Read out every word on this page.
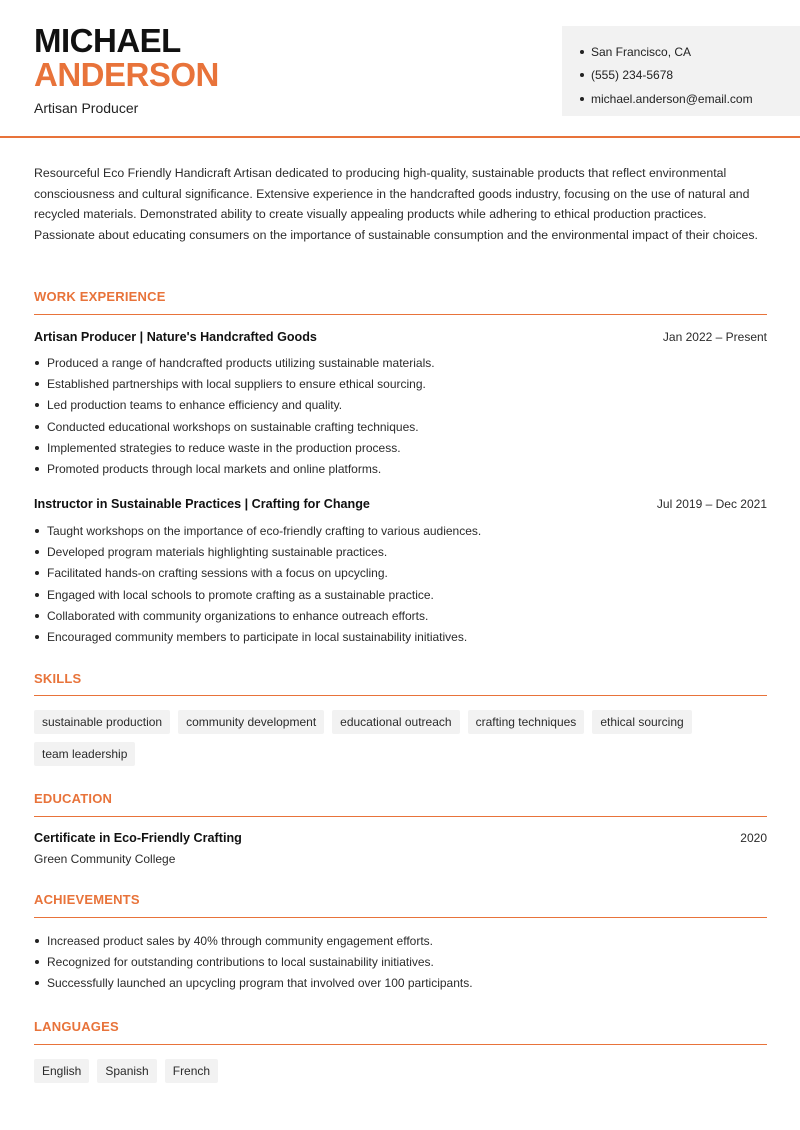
MICHAEL
ANDERSON
Artisan Producer
San Francisco, CA
(555) 234-5678
michael.anderson@email.com

Resourceful Eco Friendly Handicraft Artisan dedicated to producing high-quality, sustainable products that reflect environmental consciousness and cultural significance. Extensive experience in the handcrafted goods industry, focusing on the use of natural and recycled materials. Demonstrated ability to create visually appealing products while adhering to ethical production practices. Passionate about educating consumers on the importance of sustainable consumption and the environmental impact of their choices.

WORK EXPERIENCE
Artisan Producer | Nature's Handcrafted Goods	Jan 2022 – Present
Produced a range of handcrafted products utilizing sustainable materials.
Established partnerships with local suppliers to ensure ethical sourcing.
Led production teams to enhance efficiency and quality.
Conducted educational workshops on sustainable crafting techniques.
Implemented strategies to reduce waste in the production process.
Promoted products through local markets and online platforms.
Instructor in Sustainable Practices | Crafting for Change	Jul 2019 – Dec 2021
Taught workshops on the importance of eco-friendly crafting to various audiences.
Developed program materials highlighting sustainable practices.
Facilitated hands-on crafting sessions with a focus on upcycling.
Engaged with local schools to promote crafting as a sustainable practice.
Collaborated with community organizations to enhance outreach efforts.
Encouraged community members to participate in local sustainability initiatives.
SKILLS
sustainable production	community development	educational outreach	crafting techniques	ethical sourcing
team leadership
EDUCATION
Certificate in Eco-Friendly Crafting	2020
Green Community College
ACHIEVEMENTS
Increased product sales by 40% through community engagement efforts.
Recognized for outstanding contributions to local sustainability initiatives.
Successfully launched an upcycling program that involved over 100 participants.
LANGUAGES
English	Spanish	French
